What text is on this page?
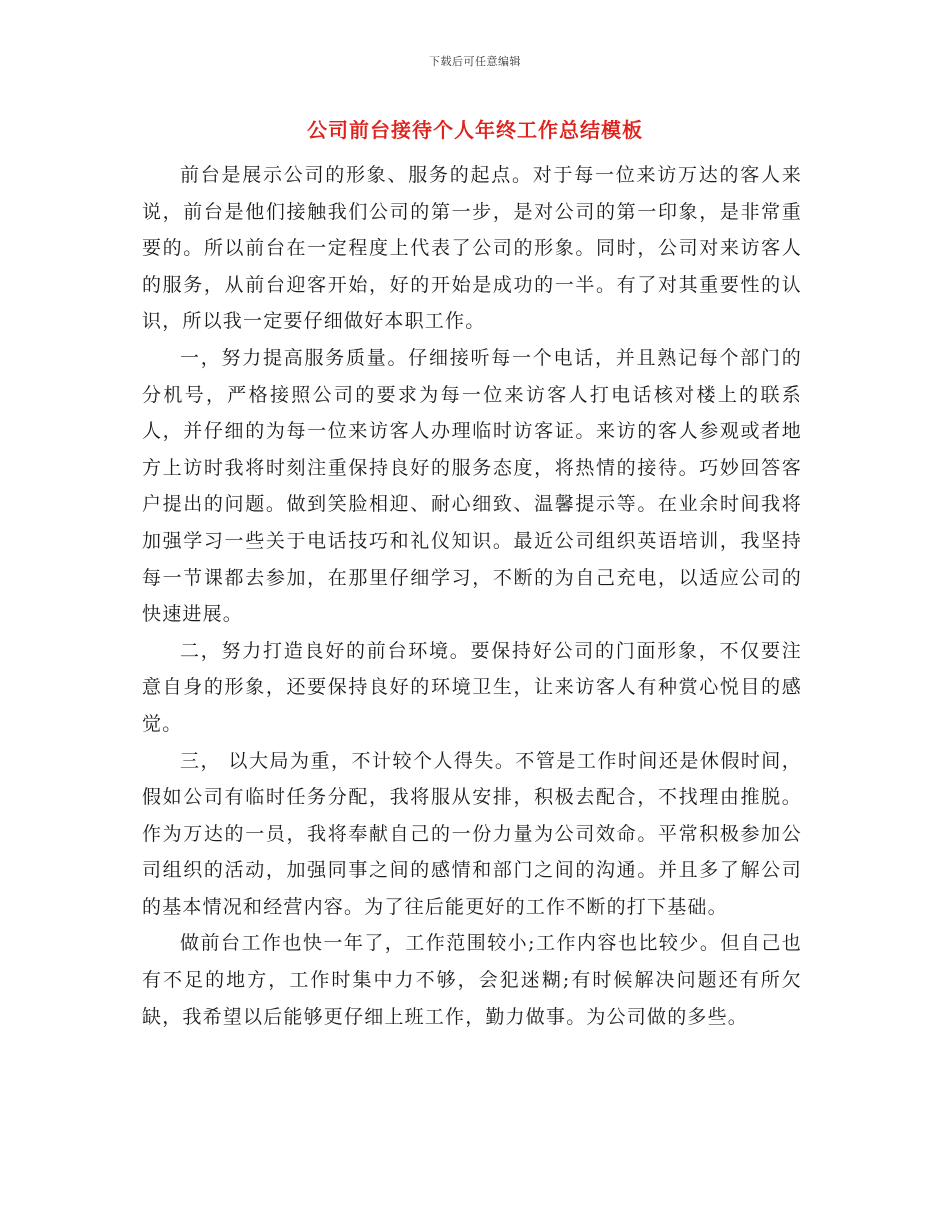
下载后可任意编辑
公司前台接待个人年终工作总结模板

前台是展示公司的形象、服务的起点。对于每一位来访万达的客人来说，前台是他们接触我们公司的第一步，是对公司的第一印象，是非常重要的。所以前台在一定程度上代表了公司的形象。同时，公司对来访客人的服务，从前台迎客开始，好的开始是成功的一半。有了对其重要性的认识，所以我一定要仔细做好本职工作。

一，努力提高服务质量。仔细接听每一个电话，并且熟记每个部门的分机号，严格接照公司的要求为每一位来访客人打电话核对楼上的联系人，并仔细的为每一位来访客人办理临时访客证。来访的客人参观或者地方上访时我将时刻注重保持良好的服务态度，将热情的接待。巧妙回答客户提出的问题。做到笑脸相迎、耐心细致、温馨提示等。在业余时间我将加强学习一些关于电话技巧和礼仪知识。最近公司组织英语培训，我坚持每一节课都去参加，在那里仔细学习，不断的为自己充电，以适应公司的快速进展。

二，努力打造良好的前台环境。要保持好公司的门面形象，不仅要注意自身的形象，还要保持良好的环境卫生，让来访客人有种赏心悦目的感觉。

三， 以大局为重，不计较个人得失。不管是工作时间还是休假时间，假如公司有临时任务分配，我将服从安排，积极去配合，不找理由推脱。作为万达的一员，我将奉献自己的一份力量为公司效命。平常积极参加公司组织的活动，加强同事之间的感情和部门之间的沟通。并且多了解公司的基本情况和经营内容。为了往后能更好的工作不断的打下基础。

做前台工作也快一年了，工作范围较小;工作内容也比较少。但自己也有不足的地方，工作时集中力不够，会犯迷糊;有时候解决问题还有所欠缺，我希望以后能够更仔细上班工作，勤力做事。为公司做的多些。
